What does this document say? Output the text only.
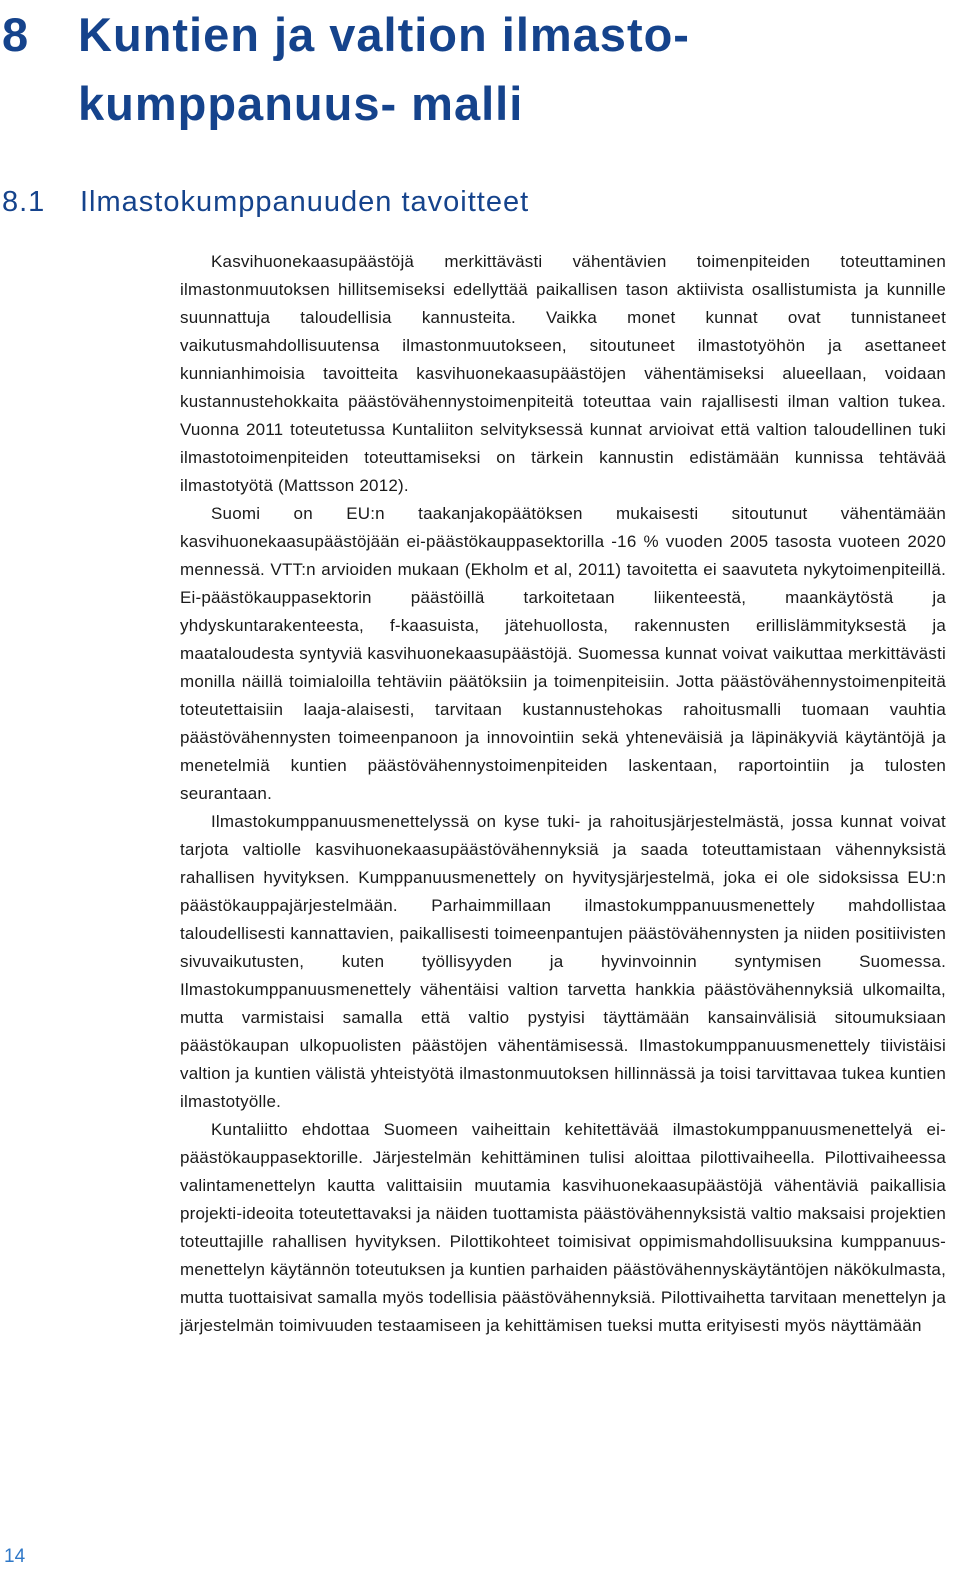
8 Kuntien ja valtion ilmasto-kumppanuus- malli
8.1 Ilmastokumppanuuden tavoitteet

Kasvihuonekaasupäästöjä merkittävästi vähentävien toimenpiteiden toteuttaminen ilmastonmuutoksen hillitsemiseksi edellyttää paikallisen tason aktiivista osallistumista ja kunnille suunnattuja taloudellisia kannusteita. Vaikka monet kunnat ovat tunnistaneet vaikutusmahdollisuutensa ilmastonmuutokseen, sitoutuneet ilmastotyöhön ja asettaneet kunnianhimoisia tavoitteita kasvihuonekaasupäästöjen vähentämiseksi alueellaan, voidaan kustannustehokkaita päästövähennystoimenpiteitä toteuttaa vain rajallisesti ilman valtion tukea. Vuonna 2011 toteutetussa Kuntaliiton selvityksessä kunnat arvioivat että valtion taloudellinen tuki ilmastotoimenpiteiden toteuttamiseksi on tärkein kannustin edistämään kunnissa tehtävää ilmastotyötä (Mattsson 2012).

Suomi on EU:n taakanjakopäätöksen mukaisesti sitoutunut vähentämään kasvihuonekaasupäästöjään ei-päästökauppasektorilla -16 % vuoden 2005 tasosta vuoteen 2020 mennessä. VTT:n arvioiden mukaan (Ekholm et al, 2011) tavoitetta ei saavuteta nykytoimenpiteillä. Ei-päästökauppasektorin päästöillä tarkoitetaan liikenteestä, maankäytöstä ja yhdyskuntarakenteesta, f-kaasuista, jätehuollosta, rakennusten erillislämmityksestä ja maataloudesta syntyviä kasvihuonekaasupäästöjä. Suomessa kunnat voivat vaikuttaa merkittävästi monilla näillä toimialoilla tehtäviin päätöksiin ja toimenpiteisiin. Jotta päästövähennystoimenpiteitä toteutettaisiin laaja-alaisesti, tarvitaan kustannustehokas rahoitusmalli tuomaan vauhtia päästövähennysten toimeenpanoon ja innovointiin sekä yhteneväisiä ja läpinäkyviä käytäntöjä ja menetelmiä kuntien päästövähennystoimenpiteiden laskentaan, raportointiin ja tulosten seurantaan.

Ilmastokumppanuusmenettelyssä on kyse tuki- ja rahoitusjärjestelmästä, jossa kunnat voivat tarjota valtiolle kasvihuonekaasupäästövähennyksiä ja saada toteuttamistaan vähennyksistä rahallisen hyvityksen. Kumppanuusmenettely on hyvitysjärjestelmä, joka ei ole sidoksissa EU:n päästökauppajärjestelmään. Parhaimmillaan ilmastokumppanuusmenettely mahdollistaa taloudellisesti kannattavien, paikallisesti toimeenpantujen päästövähennysten ja niiden positiivisten sivuvaikutusten, kuten työllisyyden ja hyvinvoinnin syntymisen Suomessa. Ilmastokumppanuusmenettely vähentäisi valtion tarvetta hankkia päästövähennyksiä ulkomailta, mutta varmistaisi samalla että valtio pystyisi täyttämään kansainvälisiä sitoumuksiaan päästökaupan ulkopuolisten päästöjen vähentämisessä. Ilmastokumppanuusmenettely tiivistäisi valtion ja kuntien välistä yhteistyötä ilmastonmuutoksen hillinnässä ja toisi tarvittavaa tukea kuntien ilmastotyölle.

Kuntaliitto ehdottaa Suomeen vaiheittain kehitettävää ilmastokumppanuusmenettelyä ei-päästökauppasektorille. Järjestelmän kehittäminen tulisi aloittaa pilottivaiheella. Pilottivaiheessa valintamenettelyn kautta valittaisiin muutamia kasvihuonekaasupäästöjä vähentäviä paikallisia projekti-ideoita toteutettavaksi ja näiden tuottamista päästövähennyksistä valtio maksaisi projektien toteuttajille rahallisen hyvityksen. Pilottikohteet toimisivat oppimismahdollisuuksina kumppanuus-menettelyn käytännön toteutuksen ja kuntien parhaiden päästövähennyskäytäntöjen näkökulmasta, mutta tuottaisivat samalla myös todellisia päästövähennyksiä. Pilottivaihetta tarvitaan menettelyn ja järjestelmän toimivuuden testaamiseen ja kehittämisen tueksi mutta erityisesti myös näyttämään

14
